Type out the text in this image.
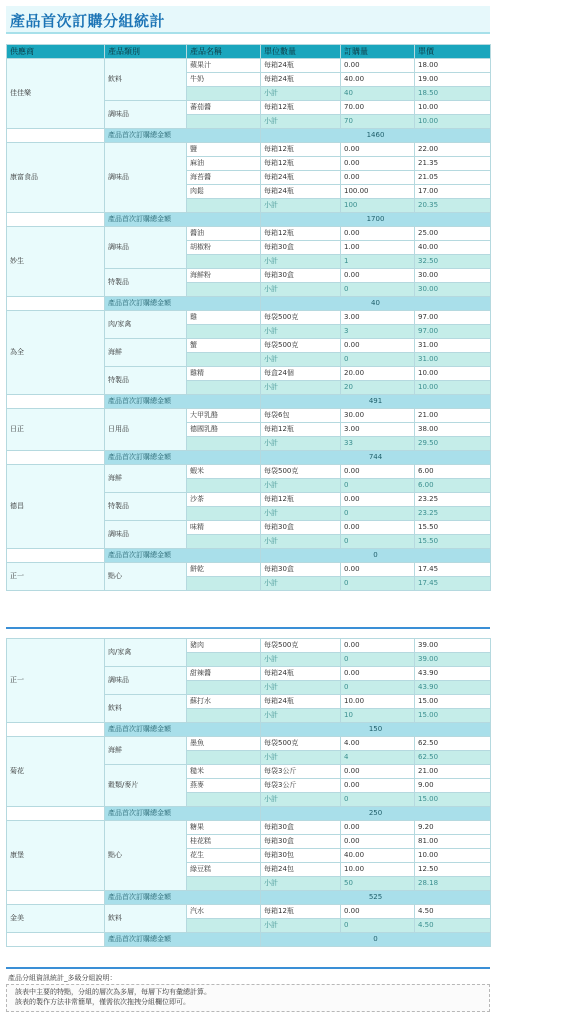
產品首次訂購分組統計
供應商	產品類別	產品名稱	單位數量	訂購量	單價
佳佳樂	飲料	蘋果汁	每箱24瓶	0.00	18.00
		牛奶	每箱24瓶	40.00	19.00
			小計	40	18.50
	調味品	蕃茄醬	每箱12瓶	70.00	10.00
			小計	70	10.00
	產品首次訂購總金額		1460		
康富食品	調味品	鹽	每箱12瓶	0.00	22.00
		麻油	每箱12瓶	0.00	21.35
		海苔醬	每箱24瓶	0.00	21.05
		肉鬆	每箱24瓶	100.00	17.00
			小計	100	20.35
	產品首次訂購總金額		1700		
妙生	調味品	醬油	每箱12瓶	0.00	25.00
		胡椒粉	每箱30盒	1.00	40.00
			小計	1	32.50
	特製品	海鮮粉	每箱30盒	0.00	30.00
			小計	0	30.00
	產品首次訂購總金額		40		
為全	肉/家禽	雞	每袋500克	3.00	97.00
			小計	3	97.00
	海鮮	蟹	每袋500克	0.00	31.00
			小計	0	31.00
	特製品	雞精	每盒24個	20.00	10.00
			小計	20	10.00
	產品首次訂購總金額		491		
日正	日用品	大甲乳酪	每袋6包	30.00	21.00
		德國乳酪	每箱12瓶	3.00	38.00
			小計	33	29.50
	產品首次訂購總金額		744		
德昌	海鮮	蝦米	每袋500克	0.00	6.00
			小計	0	6.00
	特製品	沙茶	每箱12瓶	0.00	23.25
			小計	0	23.25
	調味品	味精	每箱30盒	0.00	15.50
			小計	0	15.50
	產品首次訂購總金額		0		
正一	點心	餅乾	每箱30盒	0.00	17.45
			小計	0	17.45
正一	肉/家禽	豬肉	每袋500克	0.00	39.00
			小計	0	39.00
	調味品	甜辣醬	每箱24瓶	0.00	43.90
			小計	0	43.90
	飲料	蘇打水	每箱24瓶	10.00	15.00
			小計	10	15.00
	產品首次訂購總金額		150		
菊花	海鮮	墨魚	每袋500克	4.00	62.50
			小計	4	62.50
	穀類/麥片	糙米	每袋3公斤	0.00	21.00
		燕麥	每袋3公斤	0.00	9.00
			小計	0	15.00
	產品首次訂購總金額		250		
康堡	點心	糖果	每箱30盒	0.00	9.20
		桂花糕	每箱30盒	0.00	81.00
		花生	每箱30包	40.00	10.00
		綠豆糕	每箱24包	10.00	12.50
			小計	50	28.18
	產品首次訂購總金額		525		
金美	飲料	汽水	每箱12瓶	0.00	4.50
			小計	0	4.50
	產品首次訂購總金額		0		
產品分組資訊統計_多級分組說明：
該表中主要的特點，分組的層次為多層，每層下均有彙總計算。
該表的製作方法非常簡單，僅需依次拖拽分組欄位即可。
